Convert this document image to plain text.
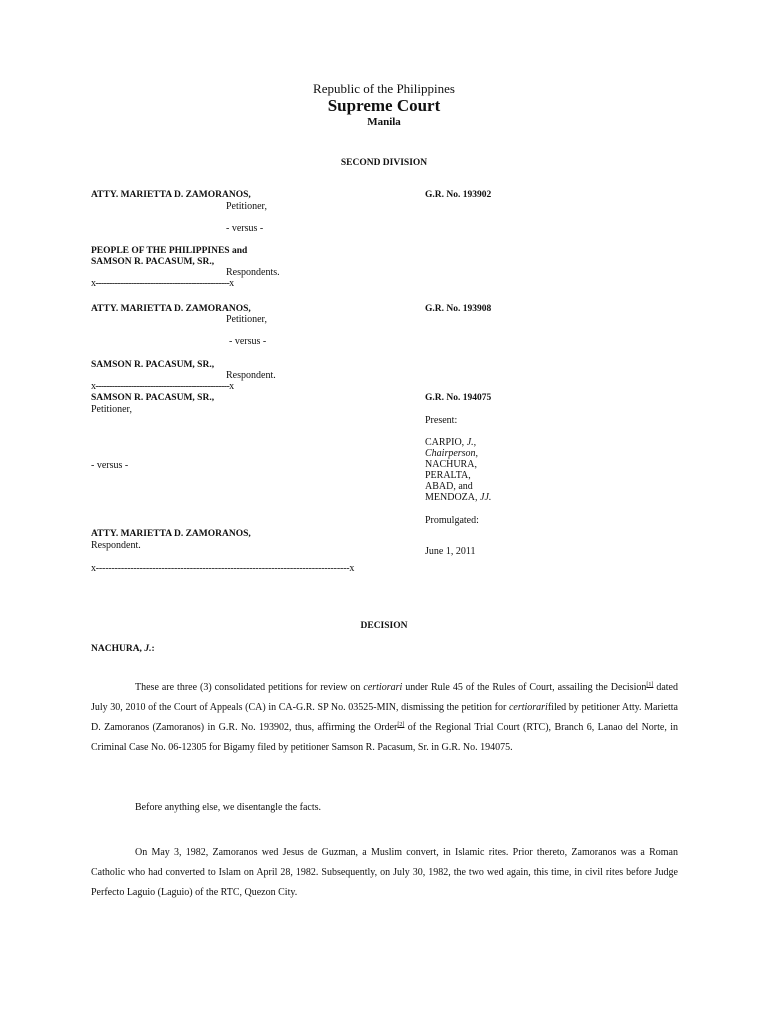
Republic of the Philippines
Supreme Court
Manila
SECOND DIVISION
ATTY. MARIETTA D. ZAMORANOS,
Petitioner,
G.R. No. 193902
- versus -
PEOPLE OF THE PHILIPPINES and
SAMSON R. PACASUM, SR.,
Respondents.
x-------------------------------------------------x
ATTY. MARIETTA D. ZAMORANOS,
Petitioner,
G.R. No. 193908
- versus -
SAMSON R. PACASUM, SR.,
Respondent.
x-------------------------------------------------x
SAMSON R. PACASUM, SR.,
Petitioner,
G.R. No. 194075
Present:
CARPIO, J.,
Chairperson,
NACHURA,
PERALTA,
ABAD, and
MENDOZA, JJ.
- versus -
Promulgated:
ATTY. MARIETTA D. ZAMORANOS,
Respondent.
June 1, 2011
x---------------------------------------------------------------------------------x
DECISION
NACHURA, J.:
These are three (3) consolidated petitions for review on certiorari under Rule 45 of the Rules of Court, assailing the Decision[1] dated July 30, 2010 of the Court of Appeals (CA) in CA-G.R. SP No. 03525-MIN, dismissing the petition for certiorarifiled by petitioner Atty. Marietta D. Zamoranos (Zamoranos) in G.R. No. 193902, thus, affirming the Order[2] of the Regional Trial Court (RTC), Branch 6, Lanao del Norte, in Criminal Case No. 06-12305 for Bigamy filed by petitioner Samson R. Pacasum, Sr. in G.R. No. 194075.
Before anything else, we disentangle the facts.
On May 3, 1982, Zamoranos wed Jesus de Guzman, a Muslim convert, in Islamic rites. Prior thereto, Zamoranos was a Roman Catholic who had converted to Islam on April 28, 1982. Subsequently, on July 30, 1982, the two wed again, this time, in civil rites before Judge Perfecto Laguio (Laguio) of the RTC, Quezon City.
